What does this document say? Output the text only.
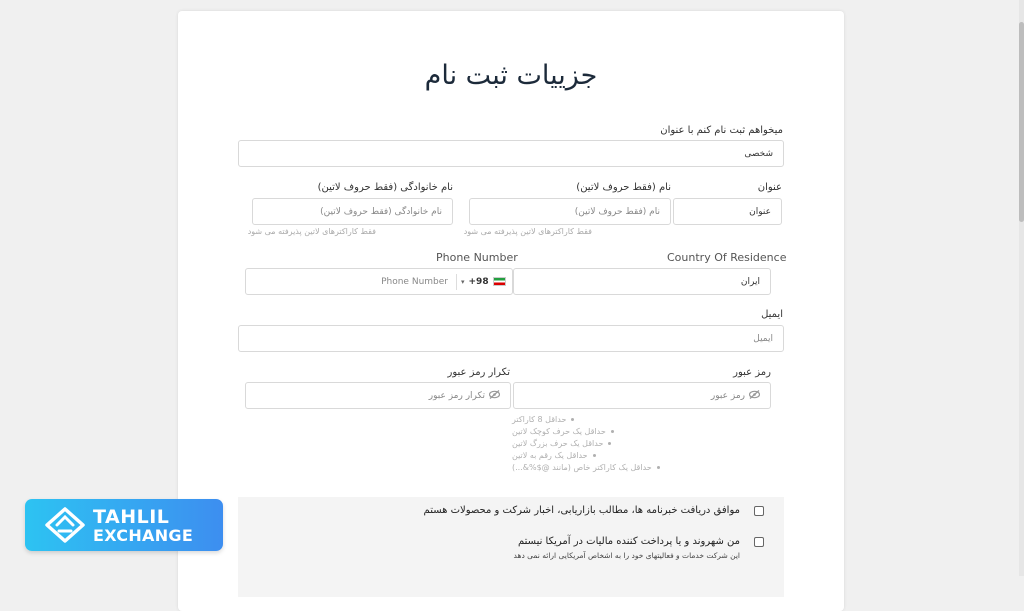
جزییات ثبت نام
میخواهم ثبت نام کنم با عنوان
شخصی
عنوان
عنوان
نام (فقط حروف لاتین)
نام (فقط حروف لاتین)
فقط کاراکترهای لاتین پذیرفته می شود
نام خانوادگی (فقط حروف لاتین)
نام خانوادگی (فقط حروف لاتین)
فقط کاراکترهای لاتین پذیرفته می شود
Country Of Residence
ایران
Phone Number
Phone Number ▾ +98
ایمیل
ایمیل
رمز عبور
رمز عبور
تکرار رمز عبور
تکرار رمز عبور
حداقل 8 کاراکتر
حداقل یک حرف کوچک لاتین
حداقل یک حرف بزرگ لاتین
حداقل یک رقم به لاتین
حداقل یک کاراکتر خاص (مانند @$%&...)
موافق دریافت خبرنامه ها، مطالب بازاریابی، اخبار شرکت و محصولات هستم
من شهروند و یا پرداخت کننده مالیات در آمریکا نیستم
این شرکت خدمات و فعالیتهای خود را به اشخاص آمریکایی ارائه نمی دهد
TAHLIL
EXCHANGE
